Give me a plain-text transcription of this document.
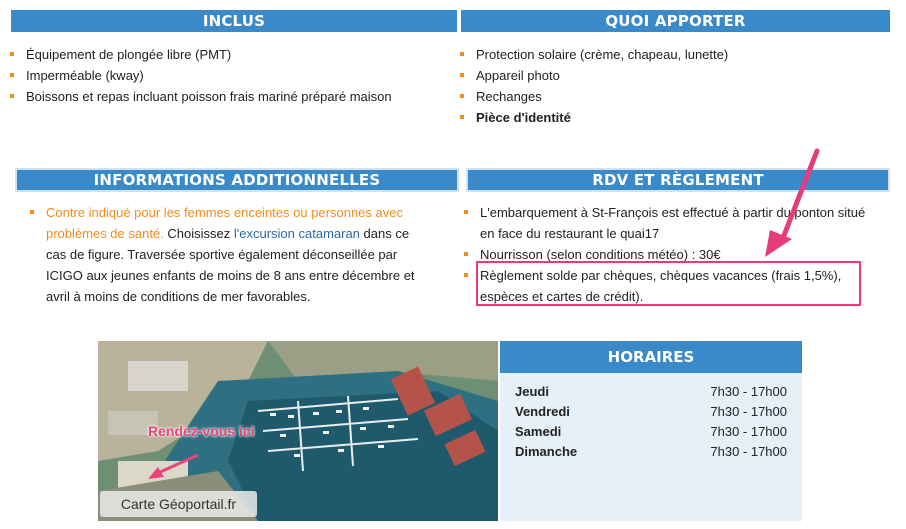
INCLUS
Équipement de plongée libre (PMT)
Imperméable (kway)
Boissons et repas incluant poisson frais mariné préparé maison
QUOI APPORTER
Protection solaire (crème, chapeau, lunette)
Appareil photo
Rechanges
Pièce d'identité
INFORMATIONS ADDITIONNELLES
Contre indiqué pour les femmes enceintes ou personnes avec problèmes de santé. Choisissez l'excursion catamaran dans ce cas de figure. Traversée sportive également déconseillée par ICIGO aux jeunes enfants de moins de 8 ans entre décembre et avril à moins de conditions de mer favorables.
RDV ET RÈGLEMENT
L'embarquement à St-François est effectué à partir du ponton situé en face du restaurant le quai17
Nourrisson (selon conditions météo) : 30€
Règlement solde par chèques, chèques vacances (frais 1,5%), espèces et cartes de crédit).
Rendez-vous ici
Carte Géoportail.fr
HORAIRES
Jeudi	7h30 - 17h00
Vendredi	7h30 - 17h00
Samedi	7h30 - 17h00
Dimanche	7h30 - 17h00
